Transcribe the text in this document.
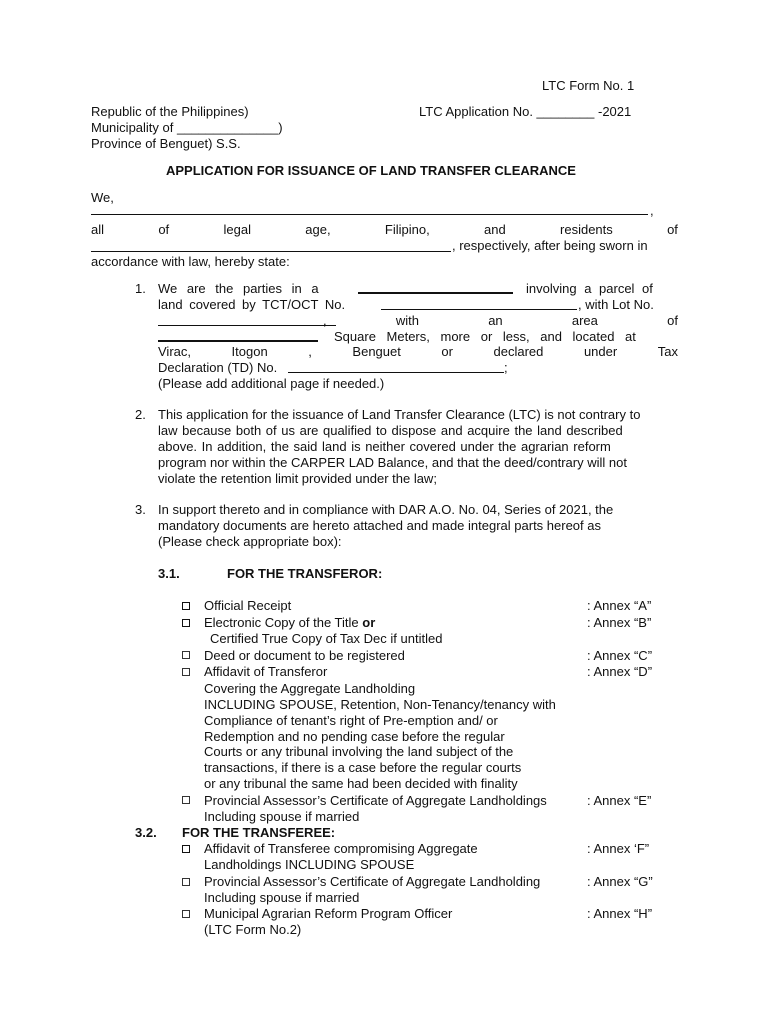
LTC Form No. 1
Republic of the Philippines)	LTC Application No. ________ -2021
Municipality of ______________)
Province of Benguet) S.S.
APPLICATION FOR ISSUANCE OF LAND TRANSFER CLEARANCE
We,
,
all	of	legal	age,	Filipino,	and	residents	of
, respectively, after being sworn in
accordance with law, hereby state:
1. We are the parties in a	involving a parcel of
land covered by TCT/OCT No.	, with Lot No.
,	with	an	area	of
Square Meters, more or less, and located at
Virac,	Itogon	,	Benguet	or	declared	under	Tax
Declaration (TD) No.	;
(Please add additional page if needed.)
2. This application for the issuance of Land Transfer Clearance (LTC) is not contrary to
law because both of us are qualified to dispose and acquire the land described
above. In addition, the said land is neither covered under the agrarian reform
program nor within the CARPER LAD Balance, and that the deed/contrary will not
violate the retention limit provided under the law;
3. In support thereto and in compliance with DAR A.O. No. 04, Series of 2021, the
mandatory documents are hereto attached and made integral parts hereof as
(Please check appropriate box):
3.1.	FOR THE TRANSFEROR:
Official Receipt	: Annex “A”
Electronic Copy of the Title or	: Annex “B”
Certified True Copy of Tax Dec if untitled
Deed or document to be registered	: Annex “C”
Affidavit of Transferor	: Annex “D”
Covering the Aggregate Landholding
INCLUDING SPOUSE, Retention, Non-Tenancy/tenancy with
Compliance of tenant’s right of Pre-emption and/ or
Redemption and no pending case before the regular
Courts or any tribunal involving the land subject of the
transactions, if there is a case before the regular courts
or any tribunal the same had been decided with finality
Provincial Assessor’s Certificate of Aggregate Landholdings	: Annex “E”
Including spouse if married
3.2. FOR THE TRANSFEREE:
Affidavit of Transferee compromising Aggregate	: Annex ‘F”
Landholdings INCLUDING SPOUSE
Provincial Assessor’s Certificate of Aggregate Landholding	: Annex “G”
Including spouse if married
Municipal Agrarian Reform Program Officer	: Annex “H”
(LTC Form No.2)
